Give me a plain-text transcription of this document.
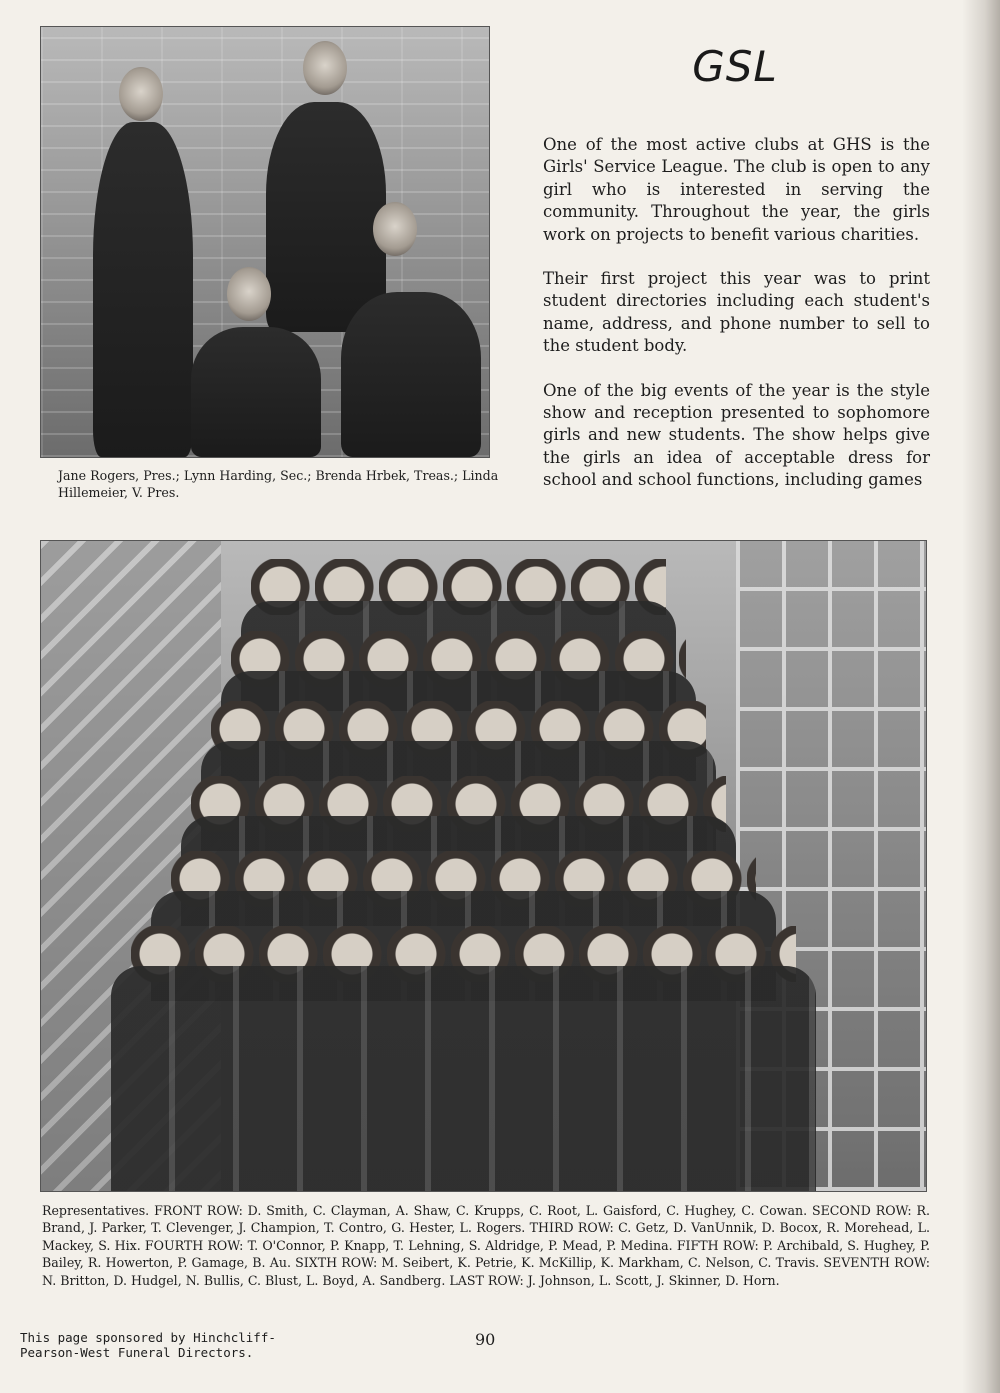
GSL

One of the most active clubs at GHS is the Girls' Service League. The club is open to any girl who is interested in serving the community. Throughout the year, the girls work on projects to benefit various charities.

Their first project this year was to print student directories including each student's name, address, and phone number to sell to the student body.

One of the big events of the year is the style show and reception presented to sophomore girls and new students. The show helps give the girls an idea of acceptable dress for school and school functions, including games

Jane Rogers, Pres.; Lynn Harding, Sec.; Brenda Hrbek, Treas.; Linda Hillemeier, V. Pres.
Representatives. FRONT ROW: D. Smith, C. Clayman, A. Shaw, C. Krupps, C. Root, L. Gaisford, C. Hughey, C. Cowan. SECOND ROW: R. Brand, J. Parker, T. Clevenger, J. Champion, T. Contro, G. Hester, L. Rogers. THIRD ROW: C. Getz, D. VanUnnik, D. Bocox, R. Morehead, L. Mackey, S. Hix. FOURTH ROW: T. O'Connor, P. Knapp, T. Lehning, S. Aldridge, P. Mead, P. Medina. FIFTH ROW: P. Archibald, S. Hughey, P. Bailey, R. Howerton, P. Gamage, B. Au. SIXTH ROW: M. Seibert, K. Petrie, K. McKillip, K. Markham, C. Nelson, C. Travis. SEVENTH ROW: N. Britton, D. Hudgel, N. Bullis, C. Blust, L. Boyd, A. Sandberg. LAST ROW: J. Johnson, L. Scott, J. Skinner, D. Horn.
This page sponsored by Hinchcliff-Pearson-West Funeral Directors.
90
